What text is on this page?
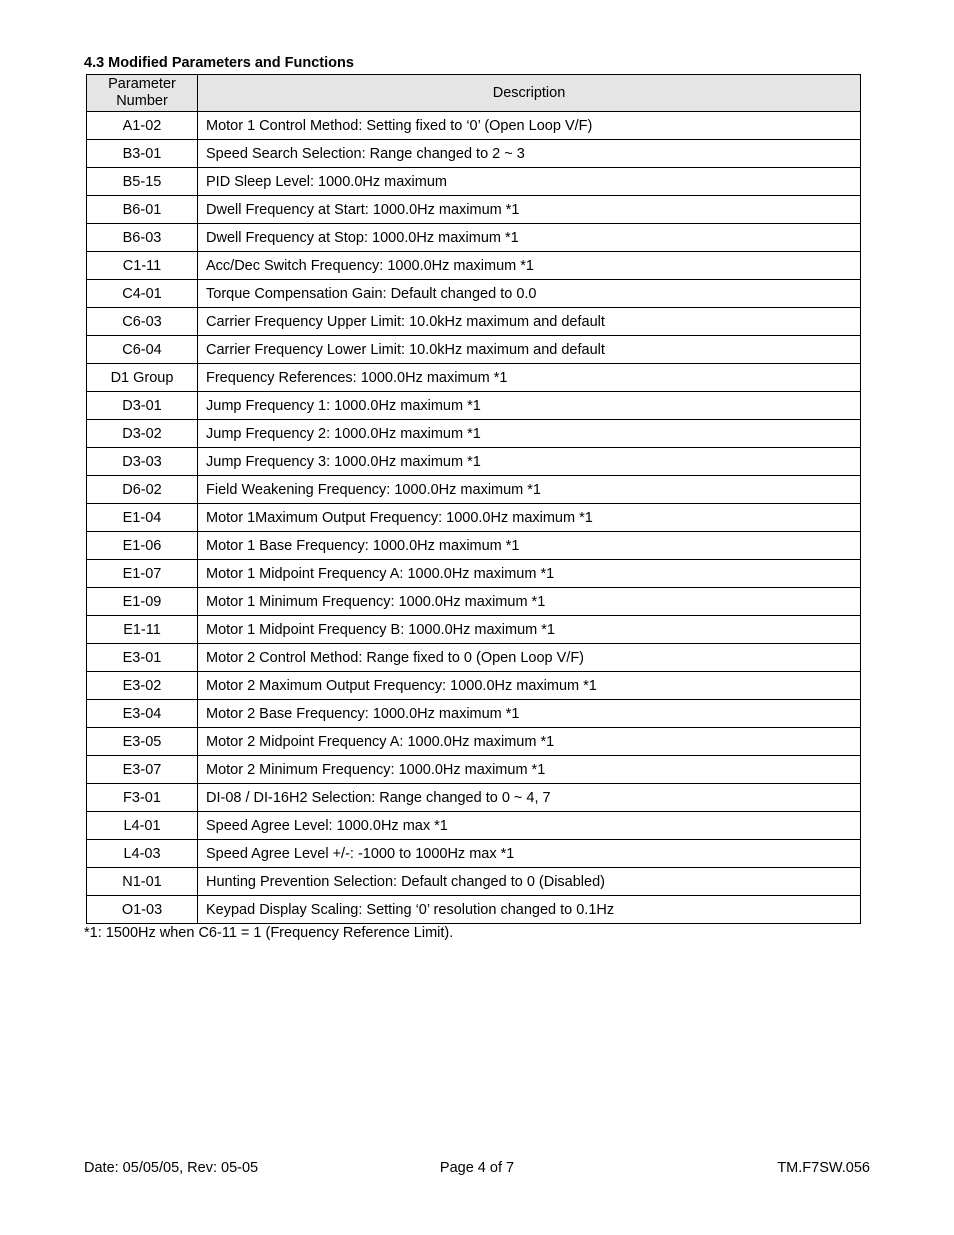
4.3 Modified Parameters and Functions
Parameter
Number	Description
A1-02	Motor 1 Control Method: Setting fixed to ‘0’ (Open Loop V/F)
B3-01	Speed Search Selection: Range changed to 2 ~ 3
B5-15	PID Sleep Level: 1000.0Hz maximum
B6-01	Dwell Frequency at Start: 1000.0Hz maximum *1
B6-03	Dwell Frequency at Stop: 1000.0Hz maximum *1
C1-11	Acc/Dec Switch Frequency: 1000.0Hz maximum *1
C4-01	Torque Compensation Gain: Default changed to 0.0
C6-03	Carrier Frequency Upper Limit: 10.0kHz maximum and default
C6-04	Carrier Frequency Lower Limit: 10.0kHz maximum and default
D1 Group	Frequency References: 1000.0Hz maximum *1
D3-01	Jump Frequency 1: 1000.0Hz maximum *1
D3-02	Jump Frequency 2: 1000.0Hz maximum *1
D3-03	Jump Frequency 3: 1000.0Hz maximum *1
D6-02	Field Weakening Frequency: 1000.0Hz maximum *1
E1-04	Motor 1Maximum Output Frequency: 1000.0Hz maximum *1
E1-06	Motor 1 Base Frequency: 1000.0Hz maximum *1
E1-07	Motor 1 Midpoint Frequency A: 1000.0Hz maximum *1
E1-09	Motor 1 Minimum Frequency: 1000.0Hz maximum *1
E1-11	Motor 1 Midpoint Frequency B: 1000.0Hz maximum *1
E3-01	Motor 2 Control Method: Range fixed to 0 (Open Loop V/F)
E3-02	Motor 2 Maximum Output Frequency: 1000.0Hz maximum *1
E3-04	Motor 2 Base Frequency: 1000.0Hz maximum *1
E3-05	Motor 2 Midpoint Frequency A: 1000.0Hz maximum *1
E3-07	Motor 2 Minimum Frequency: 1000.0Hz maximum *1
F3-01	DI-08 / DI-16H2 Selection: Range changed to 0 ~ 4, 7
L4-01	Speed Agree Level: 1000.0Hz max *1
L4-03	Speed Agree Level +/-: -1000 to 1000Hz max *1
N1-01	Hunting Prevention Selection: Default changed to 0 (Disabled)
O1-03	Keypad Display Scaling: Setting ‘0’ resolution changed to 0.1Hz
*1: 1500Hz when C6-11 = 1 (Frequency Reference Limit).
Date: 05/05/05, Rev: 05-05	Page 4 of 7	TM.F7SW.056
